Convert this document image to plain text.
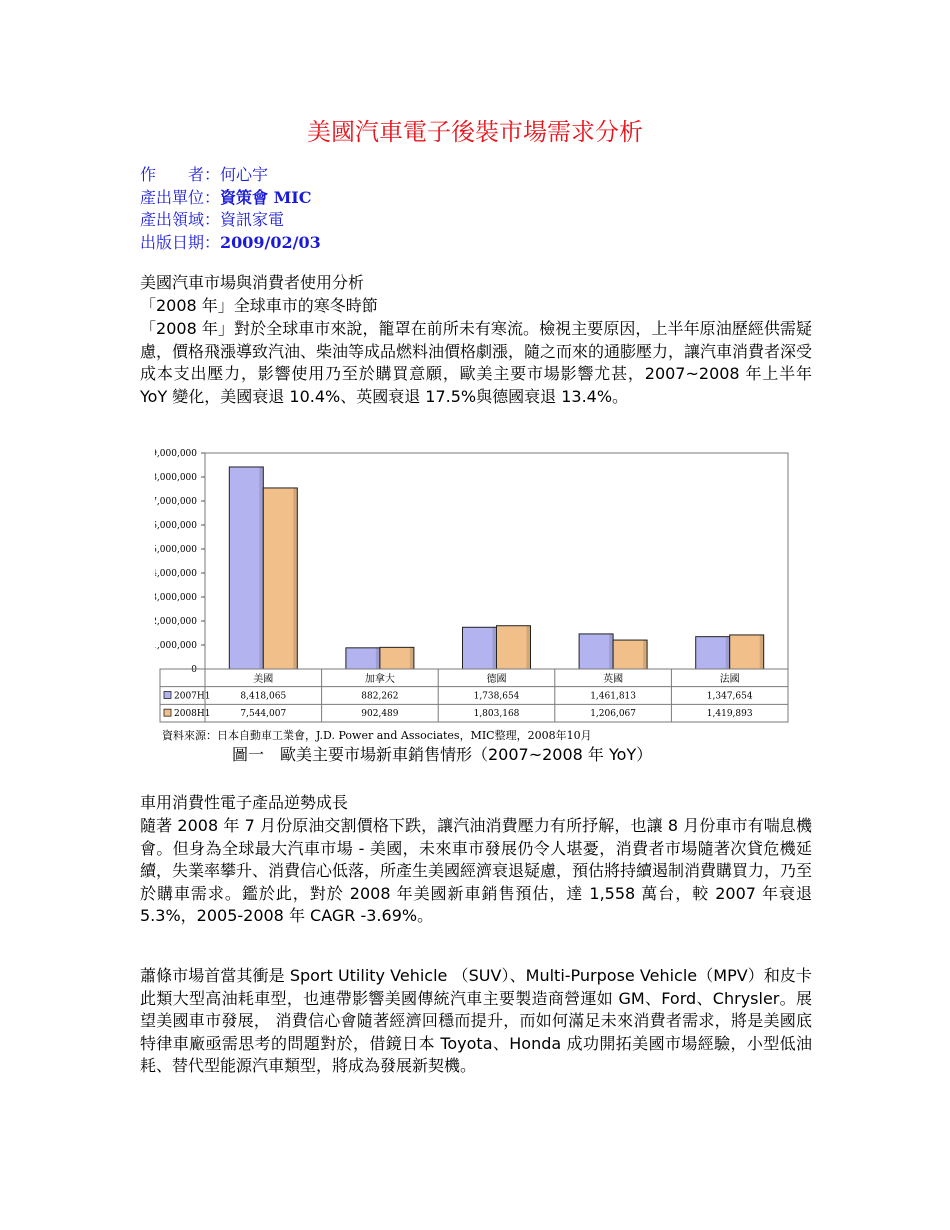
美國汽車電子後裝市場需求分析
作　　者：何心宇
產出單位：資策會 MIC
產出領域：資訊家電
出版日期：2009/02/03
美國汽車市場與消費者使用分析
「2008 年」全球車市的寒冬時節
「2008 年」對於全球車市來說，籠罩在前所未有寒流。檢視主要原因，上半年原油歷經供需疑慮，價格飛漲導致汽油、柴油等成品燃料油價格劇漲，隨之而來的通膨壓力，讓汽車消費者深受成本支出壓力，影響使用乃至於購買意願，歐美主要市場影響尤甚，2007~2008 年上半年 YoY 變化，美國衰退 10.4%、英國衰退 17.5%與德國衰退 13.4%。
0
1,000,000
2,000,000
3,000,000
4,000,000
5,000,000
6,000,000
7,000,000
8,000,000
9,000,000
美國	加拿大	德國	英國	法國
2007H1	8,418,065	882,262	1,738,654	1,461,813	1,347,654
2008H1	7,544,007	902,489	1,803,168	1,206,067	1,419,893
資料來源：日本自動車工業會，J.D. Power and Associates，MIC整理，2008年10月
圖一　歐美主要市場新車銷售情形（2007~2008 年 YoY）
車用消費性電子產品逆勢成長
隨著 2008 年 7 月份原油交割價格下跌，讓汽油消費壓力有所抒解，也讓 8 月份車市有喘息機會。但身為全球最大汽車市場 - 美國，未來車市發展仍令人堪憂，消費者市場隨著次貸危機延續，失業率攀升、消費信心低落，所產生美國經濟衰退疑慮，預估將持續遏制消費購買力，乃至於購車需求。鑑於此，對於 2008 年美國新車銷售預估，達 1,558 萬台，較 2007 年衰退 5.3%，2005-2008 年 CAGR -3.69%。
蕭條市場首當其衝是 Sport Utility Vehicle （SUV）、Multi-Purpose Vehicle（MPV）和皮卡此類大型高油耗車型，也連帶影響美國傳統汽車主要製造商營運如 GM、Ford、Chrysler。展望美國車市發展， 消費信心會隨著經濟回穩而提升，而如何滿足未來消費者需求，將是美國底特律車廠亟需思考的問題對於，借鏡日本 Toyota、Honda 成功開拓美國市場經驗，小型低油耗、替代型能源汽車類型，將成為發展新契機。
